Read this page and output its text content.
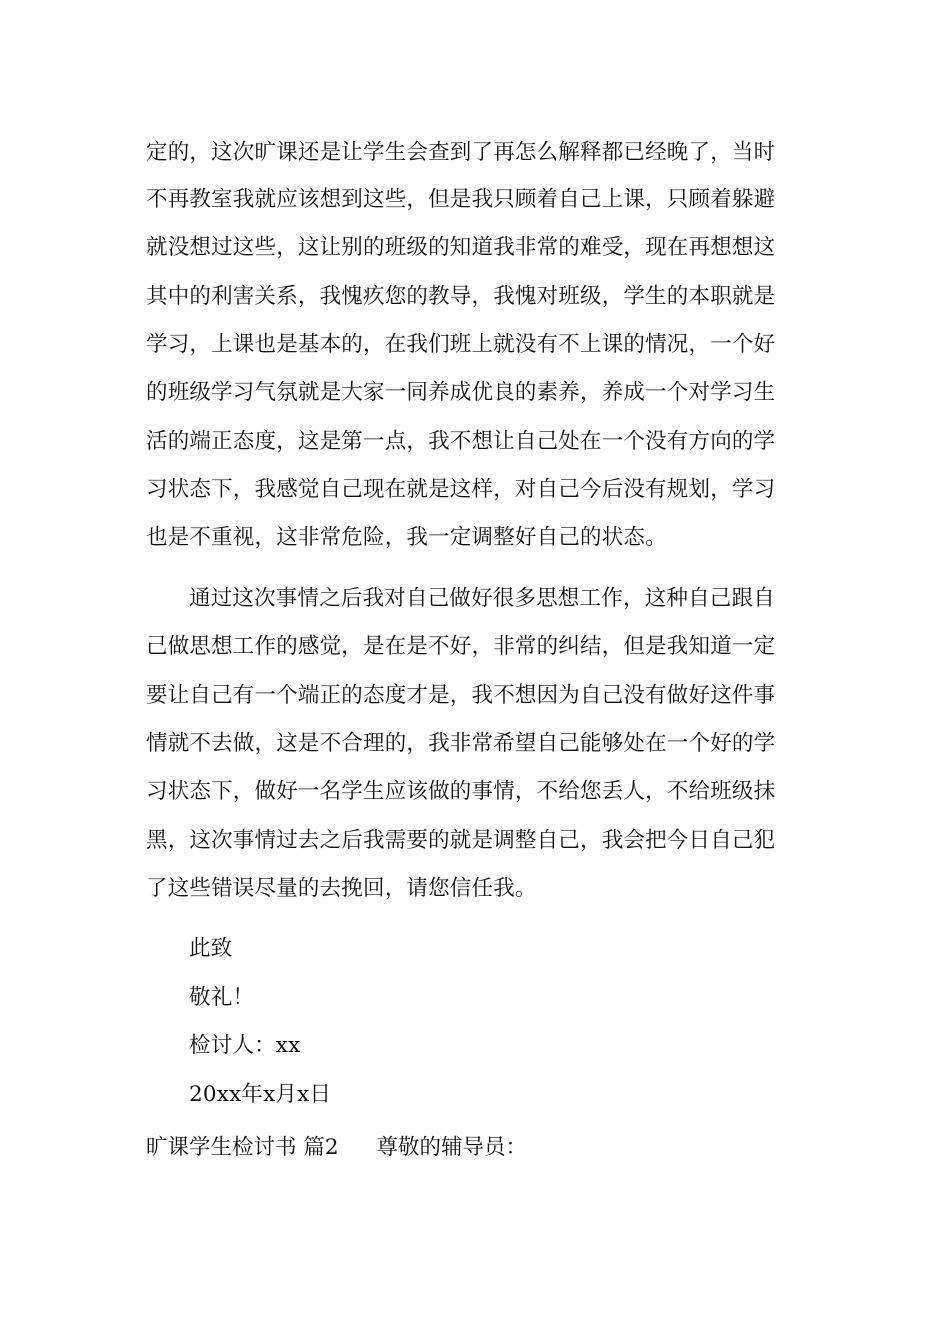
定的，这次旷课还是让学生会查到了再怎么解释都已经晚了，当时
不再教室我就应该想到这些，但是我只顾着自己上课，只顾着躲避
就没想过这些，这让别的班级的知道我非常的难受，现在再想想这
其中的利害关系，我愧疚您的教导，我愧对班级，学生的本职就是
学习，上课也是基本的，在我们班上就没有不上课的情况，一个好
的班级学习气氛就是大家一同养成优良的素养，养成一个对学习生
活的端正态度，这是第一点，我不想让自己处在一个没有方向的学
习状态下，我感觉自己现在就是这样，对自己今后没有规划，学习
也是不重视，这非常危险，我一定调整好自己的状态。
通过这次事情之后我对自己做好很多思想工作，这种自己跟自
己做思想工作的感觉，是在是不好，非常的纠结，但是我知道一定
要让自己有一个端正的态度才是，我不想因为自己没有做好这件事
情就不去做，这是不合理的，我非常希望自己能够处在一个好的学
习状态下，做好一名学生应该做的事情，不给您丢人，不给班级抹
黑，这次事情过去之后我需要的就是调整自己，我会把今日自己犯
了这些错误尽量的去挽回，请您信任我。
此致
敬礼！
检讨人：xx
20xx年x月x日
旷课学生检讨书 篇2 尊敬的辅导员：
